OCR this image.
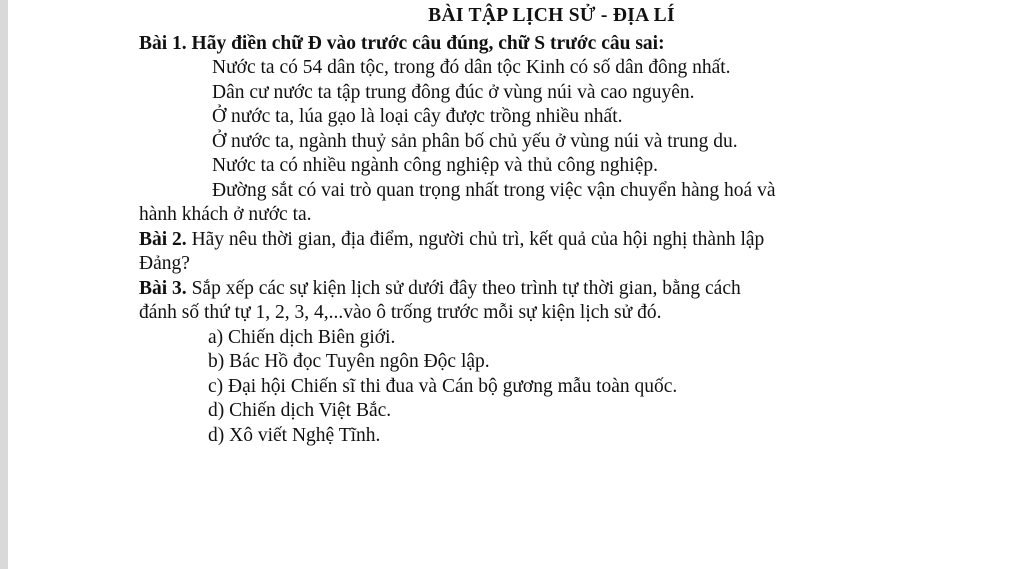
BÀI TẬP LỊCH SỬ - ĐỊA LÍ
Bài 1. Hãy điền chữ Đ vào trước câu đúng, chữ S trước câu sai:
Nước ta có 54 dân tộc, trong đó dân tộc Kinh có số dân đông nhất.
Dân cư nước ta tập trung đông đúc ở vùng núi và cao nguyên.
Ở nước ta, lúa gạo là loại cây được trồng nhiều nhất.
Ở nước ta, ngành thuỷ sản phân bố chủ yếu ở vùng núi và trung du.
Nước ta có nhiều ngành công nghiệp và thủ công nghiệp.
Đường sắt có vai trò quan trọng nhất trong việc vận chuyển hàng hoá và
hành khách ở nước ta.
Bài 2. Hãy nêu thời gian, địa điểm, người chủ trì, kết quả của hội nghị thành lập
Đảng?
Bài 3. Sắp xếp các sự kiện lịch sử dưới đây theo trình tự thời gian, bằng cách
đánh số thứ tự 1, 2, 3, 4,...vào ô trống trước mỗi sự kiện lịch sử đó.
a) Chiến dịch Biên giới.
b) Bác Hồ đọc Tuyên ngôn Độc lập.
c) Đại hội Chiến sĩ thi đua và Cán bộ gương mẫu toàn quốc.
d) Chiến dịch Việt Bắc.
d) Xô viết Nghệ Tĩnh.
